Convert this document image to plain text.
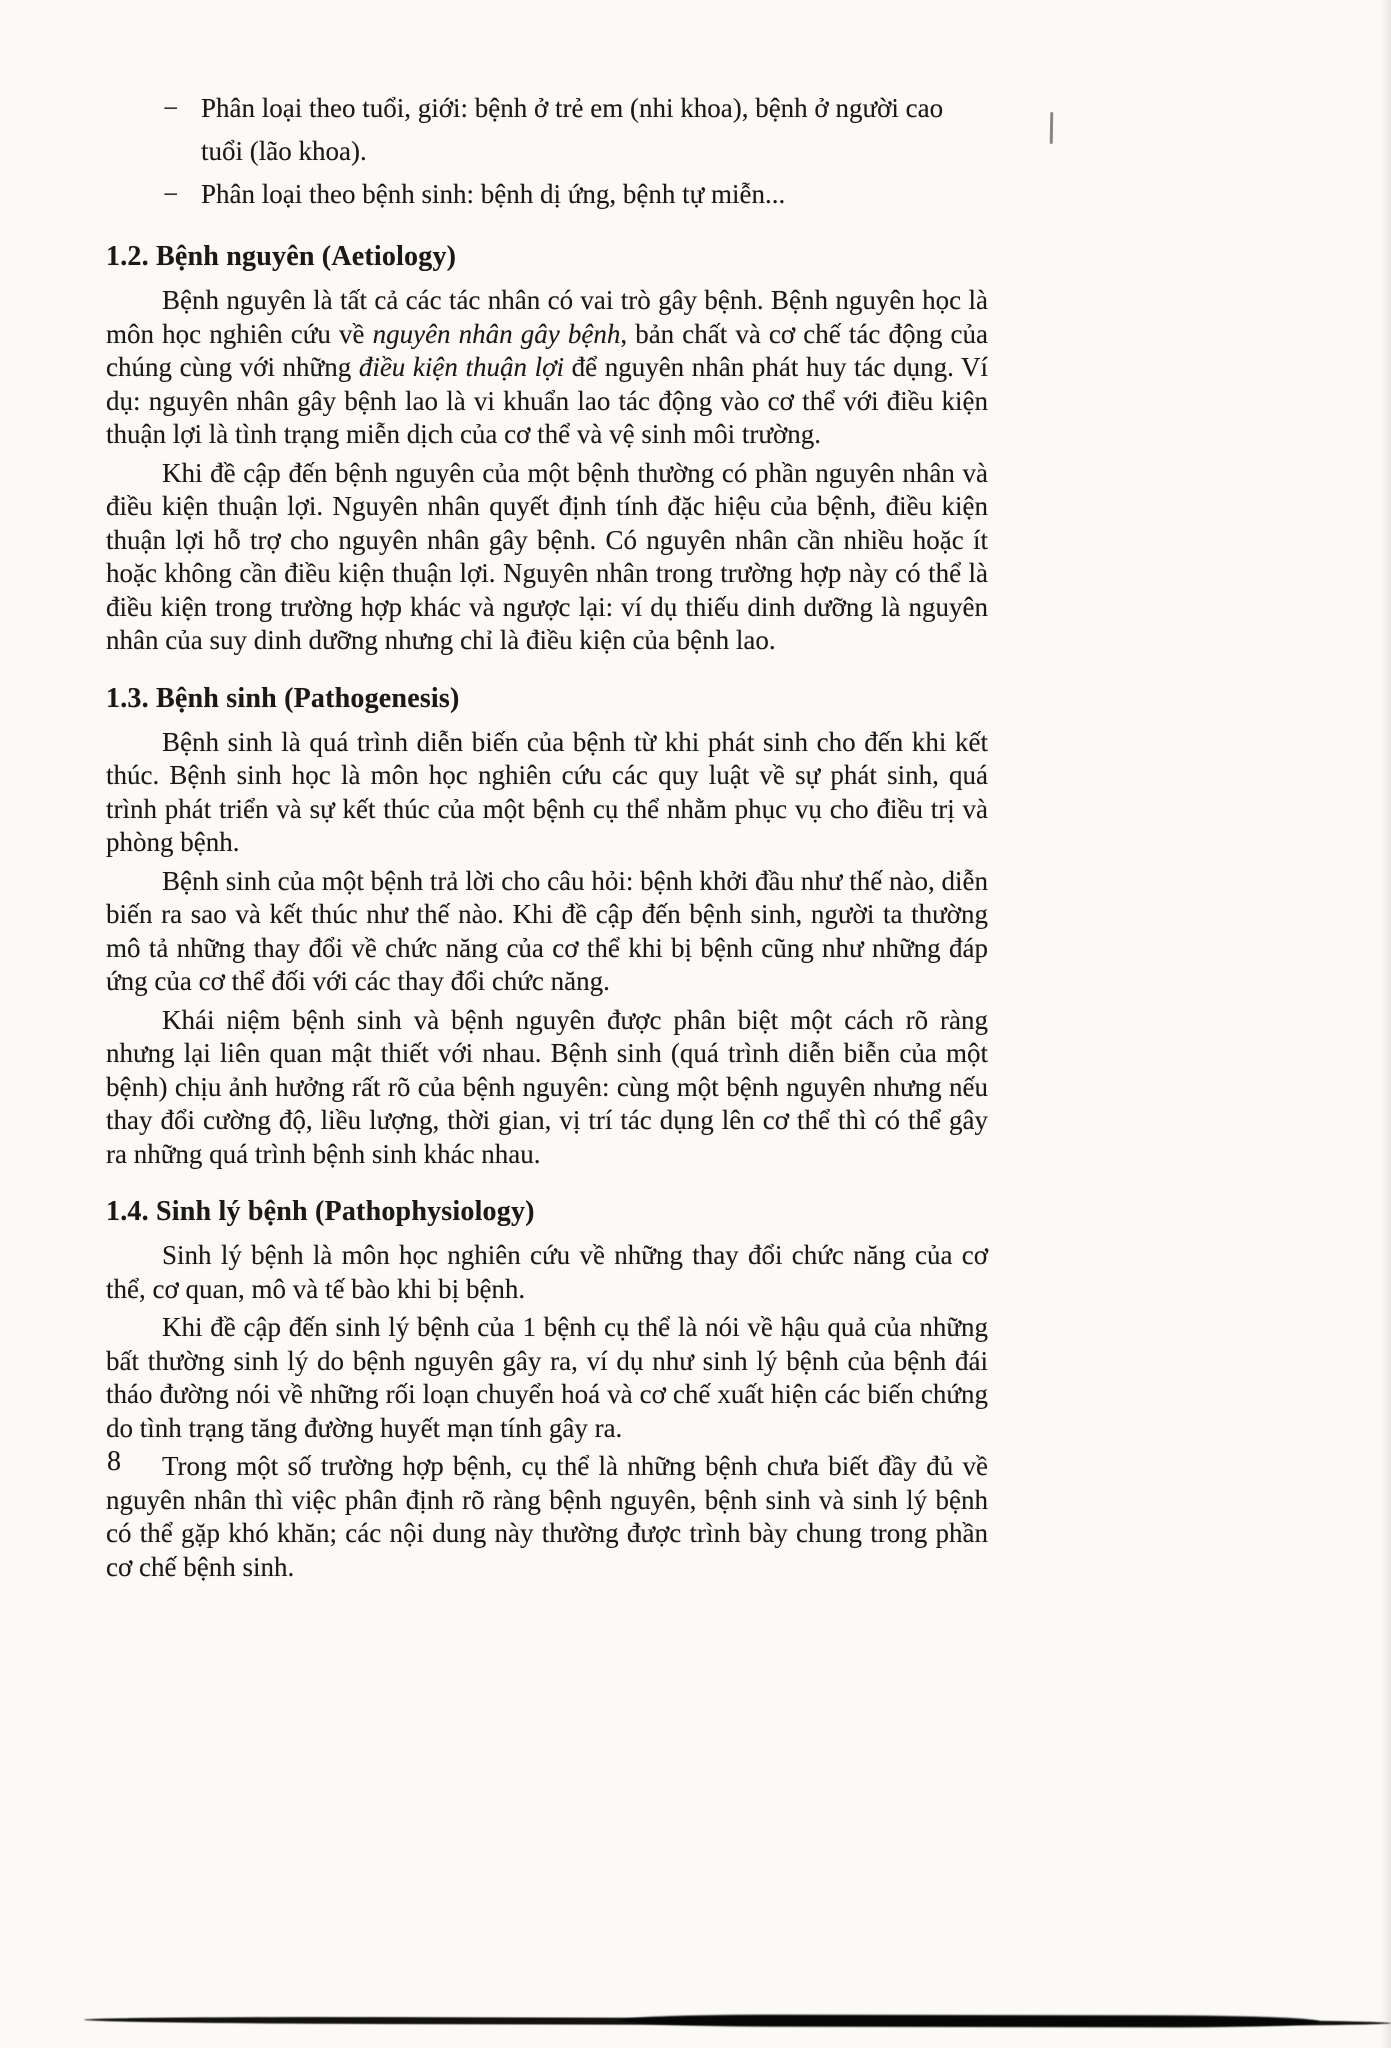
− Phân loại theo tuổi, giới: bệnh ở trẻ em (nhi khoa), bệnh ở người cao tuổi (lão khoa).
− Phân loại theo bệnh sinh: bệnh dị ứng, bệnh tự miễn...
1.2. Bệnh nguyên (Aetiology)

Bệnh nguyên là tất cả các tác nhân có vai trò gây bệnh. Bệnh nguyên học là môn học nghiên cứu về nguyên nhân gây bệnh, bản chất và cơ chế tác động của chúng cùng với những điều kiện thuận lợi để nguyên nhân phát huy tác dụng. Ví dụ: nguyên nhân gây bệnh lao là vi khuẩn lao tác động vào cơ thể với điều kiện thuận lợi là tình trạng miễn dịch của cơ thể và vệ sinh môi trường.

Khi đề cập đến bệnh nguyên của một bệnh thường có phần nguyên nhân và điều kiện thuận lợi. Nguyên nhân quyết định tính đặc hiệu của bệnh, điều kiện thuận lợi hỗ trợ cho nguyên nhân gây bệnh. Có nguyên nhân cần nhiều hoặc ít hoặc không cần điều kiện thuận lợi. Nguyên nhân trong trường hợp này có thể là điều kiện trong trường hợp khác và ngược lại: ví dụ thiếu dinh dưỡng là nguyên nhân của suy dinh dưỡng nhưng chỉ là điều kiện của bệnh lao.

1.3. Bệnh sinh (Pathogenesis)

Bệnh sinh là quá trình diễn biến của bệnh từ khi phát sinh cho đến khi kết thúc. Bệnh sinh học là môn học nghiên cứu các quy luật về sự phát sinh, quá trình phát triển và sự kết thúc của một bệnh cụ thể nhằm phục vụ cho điều trị và phòng bệnh.

Bệnh sinh của một bệnh trả lời cho câu hỏi: bệnh khởi đầu như thế nào, diễn biến ra sao và kết thúc như thế nào. Khi đề cập đến bệnh sinh, người ta thường mô tả những thay đổi về chức năng của cơ thể khi bị bệnh cũng như những đáp ứng của cơ thể đối với các thay đổi chức năng.

Khái niệm bệnh sinh và bệnh nguyên được phân biệt một cách rõ ràng nhưng lại liên quan mật thiết với nhau. Bệnh sinh (quá trình diễn biễn của một bệnh) chịu ảnh hưởng rất rõ của bệnh nguyên: cùng một bệnh nguyên nhưng nếu thay đổi cường độ, liều lượng, thời gian, vị trí tác dụng lên cơ thể thì có thể gây ra những quá trình bệnh sinh khác nhau.

1.4. Sinh lý bệnh (Pathophysiology)

Sinh lý bệnh là môn học nghiên cứu về những thay đổi chức năng của cơ thể, cơ quan, mô và tế bào khi bị bệnh.

Khi đề cập đến sinh lý bệnh của 1 bệnh cụ thể là nói về hậu quả của những bất thường sinh lý do bệnh nguyên gây ra, ví dụ như sinh lý bệnh của bệnh đái tháo đường nói về những rối loạn chuyển hoá và cơ chế xuất hiện các biến chứng do tình trạng tăng đường huyết mạn tính gây ra.

Trong một số trường hợp bệnh, cụ thể là những bệnh chưa biết đầy đủ về nguyên nhân thì việc phân định rõ ràng bệnh nguyên, bệnh sinh và sinh lý bệnh có thể gặp khó khăn; các nội dung này thường được trình bày chung trong phần cơ chế bệnh sinh.

8
